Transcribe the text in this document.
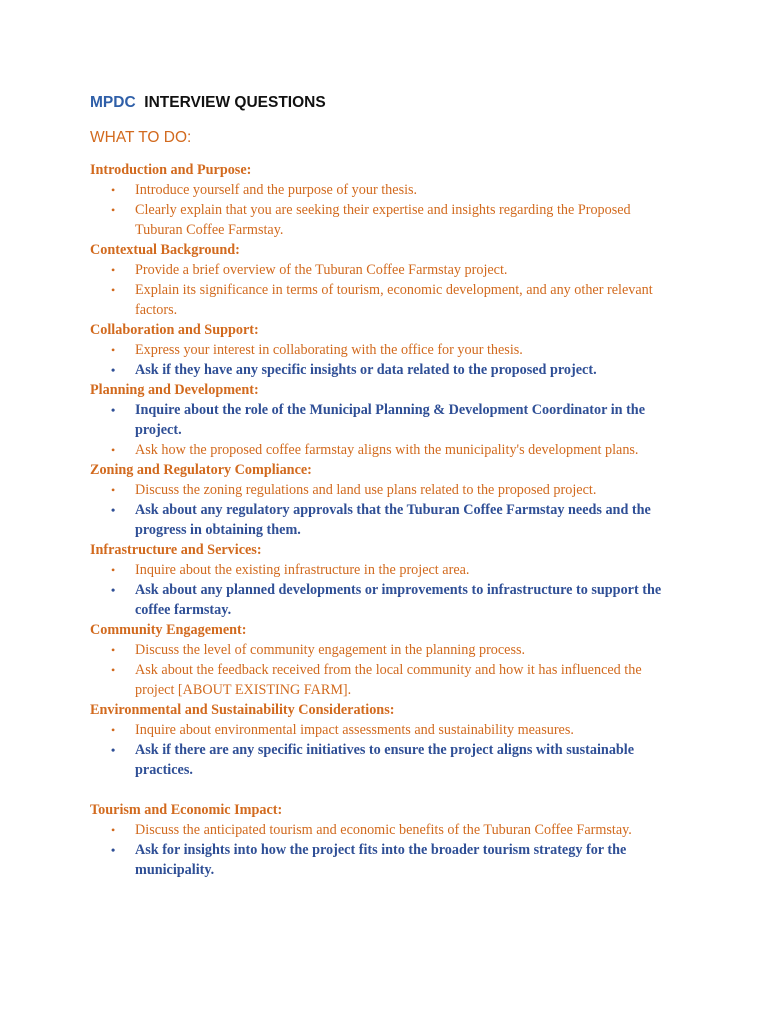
MPDC INTERVIEW QUESTIONS
WHAT TO DO:
Introduction and Purpose:
• Introduce yourself and the purpose of your thesis.
• Clearly explain that you are seeking their expertise and insights regarding the Proposed Tuburan Coffee Farmstay.
Contextual Background:
• Provide a brief overview of the Tuburan Coffee Farmstay project.
• Explain its significance in terms of tourism, economic development, and any other relevant factors.
Collaboration and Support:
• Express your interest in collaborating with the office for your thesis.
• Ask if they have any specific insights or data related to the proposed project.
Planning and Development:
• Inquire about the role of the Municipal Planning & Development Coordinator in the project.
• Ask how the proposed coffee farmstay aligns with the municipality's development plans.
Zoning and Regulatory Compliance:
• Discuss the zoning regulations and land use plans related to the proposed project.
• Ask about any regulatory approvals that the Tuburan Coffee Farmstay needs and the progress in obtaining them.
Infrastructure and Services:
• Inquire about the existing infrastructure in the project area.
• Ask about any planned developments or improvements to infrastructure to support the coffee farmstay.
Community Engagement:
• Discuss the level of community engagement in the planning process.
• Ask about the feedback received from the local community and how it has influenced the project [ABOUT EXISTING FARM].
Environmental and Sustainability Considerations:
• Inquire about environmental impact assessments and sustainability measures.
• Ask if there are any specific initiatives to ensure the project aligns with sustainable practices.
Tourism and Economic Impact:
• Discuss the anticipated tourism and economic benefits of the Tuburan Coffee Farmstay.
• Ask for insights into how the project fits into the broader tourism strategy for the municipality.
